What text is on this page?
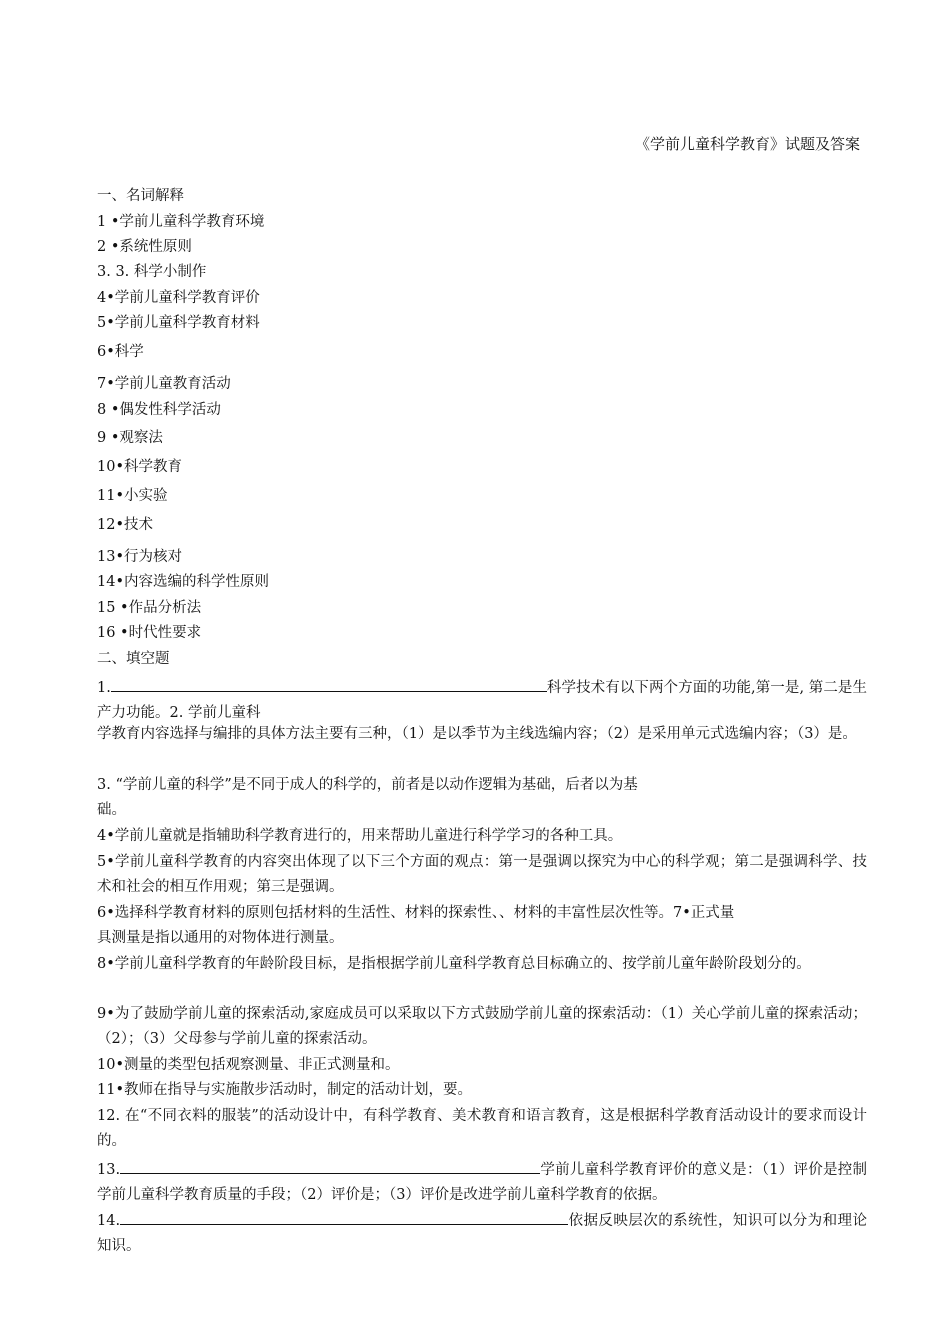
《学前儿童科学教育》试题及答案
一、名词解释
1 •学前儿童科学教育环境
2 •系统性原则
3. 3. 科学小制作
4•学前儿童科学教育评价
5•学前儿童科学教育材料
6•科学
7•学前儿童教育活动
8 •偶发性科学活动
9 •观察法
10•科学教育
11•小实验
12•技术
13•行为核对
14•内容选编的科学性原则
15 •作品分析法
16 •时代性要求
二、填空题
1.	科学技术有以下两个方面的功能,第一是, 第二是生产力功能。2. 学前儿童科
学教育内容选择与编排的具体方法主要有三种，（1）是以季节为主线选编内容；（2）是采用单元式选编内容；（3）是。
3. “学前儿童的科学”是不同于成人的科学的，前者是以动作逻辑为基础，后者以为基
础。
4•学前儿童就是指辅助科学教育进行的，用来帮助儿童进行科学学习的各种工具。
5•学前儿童科学教育的内容突出体现了以下三个方面的观点：第一是强调以探究为中心的科学观；第二是强调科学、技术和社会的相互作用观；第三是强调。
6•选择科学教育材料的原则包括材料的生活性、材料的探索性、、材料的丰富性层次性等。7•正式量
具测量是指以通用的对物体进行测量。
8•学前儿童科学教育的年龄阶段目标，是指根据学前儿童科学教育总目标确立的、按学前儿童年龄阶段划分的。
9•为了鼓励学前儿童的探索活动,家庭成员可以采取以下方式鼓励学前儿童的探索活动：（1）关心学前儿童的探索活动；（2）；（3）父母参与学前儿童的探索活动。
10•测量的类型包括观察测量、非正式测量和。
11•教师在指导与实施散步活动时，制定的活动计划，要。
12. 在“不同衣料的服装”的活动设计中，有科学教育、美术教育和语言教育，这是根据科学教育活动设计的要求而设计的。
13.	学前儿童科学教育评价的意义是：（1）评价是控制学前儿童科学教育质量的手段；（2）评价是；（3）评价是改进学前儿童科学教育的依据。
14.	依据反映层次的系统性，知识可以分为和理论知识。
